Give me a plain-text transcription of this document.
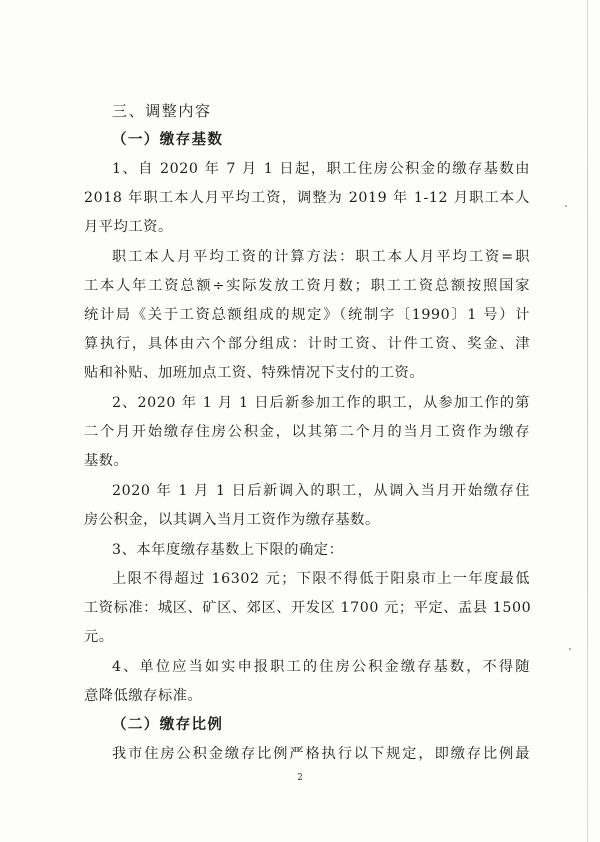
三、调整内容
（一）缴存基数
1、自 2020 年 7 月 1 日起，职工住房公积金的缴存基数由
2018 年职工本人月平均工资，调整为 2019 年 1-12 月职工本人
月平均工资。
职工本人月平均工资的计算方法：职工本人月平均工资=职
工本人年工资总额÷实际发放工资月数；职工工资总额按照国家
统计局《关于工资总额组成的规定》（统制字〔1990〕1 号）计
算执行，具体由六个部分组成：计时工资、计件工资、奖金、津
贴和补贴、加班加点工资、特殊情况下支付的工资。
2、2020 年 1 月 1 日后新参加工作的职工，从参加工作的第
二个月开始缴存住房公积金，以其第二个月的当月工资作为缴存
基数。
2020 年 1 月 1 日后新调入的职工，从调入当月开始缴存住
房公积金，以其调入当月工资作为缴存基数。
3、本年度缴存基数上下限的确定：
上限不得超过 16302 元；下限不得低于阳泉市上一年度最低
工资标准：城区、矿区、郊区、开发区 1700 元；平定、盂县 1500
元。
4、单位应当如实申报职工的住房公积金缴存基数，不得随
意降低缴存标准。
（二）缴存比例
我市住房公积金缴存比例严格执行以下规定，即缴存比例最
2
